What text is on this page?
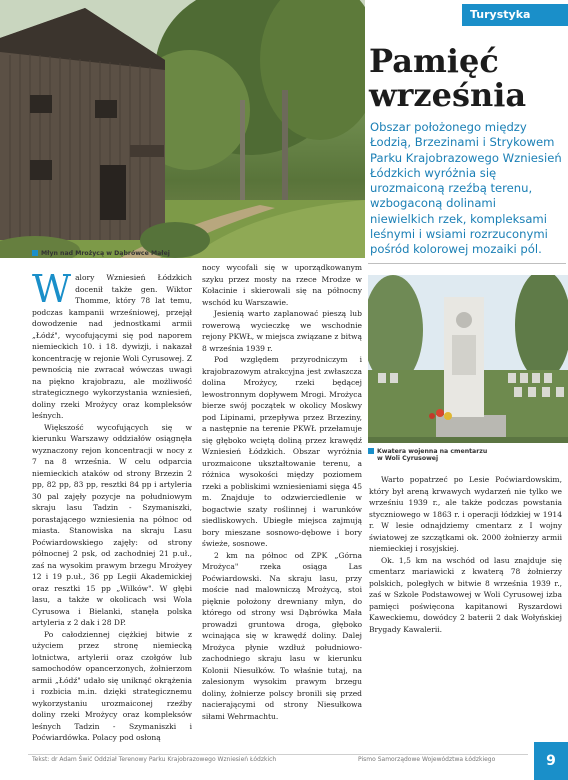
Młyn nad Mrożycą w Dąbrówce Małej
Turystyka
Pamięć
września

Obszar położonego między Łodzią, Brzezinami i Strykowem Parku Krajobrazowego Wzniesień Łódzkich wyróżnia się urozmaiconą rzeźbą terenu, wzbogaconą dolinami niewielkich rzek, kompleksami leśnymi i wsiami rozrzuconymi pośród kolorowej mozaiki pól.

Kwatera wojenna na cmentarzu
w Woli Cyrusowej

Walory Wzniesień Łódzkich docenił także gen. Wiktor Thomme, który 78 lat temu, podczas kampanii wrześniowej, przejął dowodzenie nad jednostkami armii „Łódź", wycofującymi się pod naporem niemieckich 10. i 18. dywizji, i nakazał koncentrację w rejonie Woli Cyrusowej. Z pewnością nie zwracał wówczas uwagi na piękno krajobrazu, ale możliwość strategicznego wykorzystania wzniesień, doliny rzeki Mrożycy oraz kompleksów leśnych.

Większość wycofujących się w kierunku Warszawy oddziałów osiągnęła wyznaczony rejon koncentracji w nocy z 7 na 8 września. W celu odparcia niemieckich ataków od strony Brzezin 2 pp, 82 pp, 83 pp, resztki 84 pp i artyleria 30 pal zajęły pozycje na południowym skraju lasu Tadzin - Szymaniszki, porastającego wzniesienia na północ od miasta. Stanowiska na skraju Lasu Poćwiardowskiego zajęły: od strony północnej 2 psk, od zachodniej 21 p.uł., zaś na wysokim prawym brzegu Mrożyey 12 i 19 p.uł., 36 pp Legii Akademickiej oraz resztki 15 pp „Wilków". W głębi lasu, a także w okolicach wsi Wola Cyrusowa i Bielanki, stanęła polska artyleria z 2 dak i 28 DP.

Po całodziennej ciężkiej bitwie z użyciem przez stronę niemiecką lotnictwa, artylerii oraz czołgów lub samochodów opancerzonych, żołnierzom armii „Łódź" udało się uniknąć okrążenia i rozbicia m.in. dzięki strategicznemu wykorzystaniu urozmaiconej rzeźby doliny rzeki Mrożycy oraz kompleksów leśnych Tadzin - Szymaniszki i Poćwiardówka. Polacy pod osłoną

nocy wycofali się w uporządkowanym szyku przez mosty na rzece Mrodze w Kołacinie i skierowali się na północny wschód ku Warszawie.

Jesienią warto zaplanować pieszą lub rowerową wycieczkę we wschodnie rejony PKWŁ, w miejsca związane z bitwą 8 września 1939 r.

Pod względem przyrodniczym i krajobrazowym atrakcyjna jest zwłaszcza dolina Mrożycy, rzeki będącej lewostronnym dopływem Mrogi. Mrożyca bierze swój początek w okolicy Moskwy pod Lipinami, przepływa przez Brzeziny, a następnie na terenie PKWŁ przełamuje się głęboko wciętą doliną przez krawędź Wzniesień Łódzkich. Obszar wyróżnia urozmaicone ukształtowanie terenu, a różnica wysokości między poziomem rzeki a pobliskimi wzniesieniami sięga 45 m. Znajduje to odzwierciedlenie w bogactwie szaty roślinnej i warunków siedliskowych. Ubiegłe miejsca zajmują bory mieszane sosnowo-dębowe i bory świeże, sosnowe.

2 km na północ od ZPK „Górna Mrożyca" rzeka osiąga Las Poćwiardowski. Na skraju lasu, przy moście nad malowniczą Mrożycą, stoi pięknie położony drewniany młyn, do którego od strony wsi Dąbrówka Mała prowadzi gruntowa droga, głęboko wcinająca się w krawędź doliny. Dalej Mrożyca płynie wzdłuż południowo-zachodniego skraju lasu w kierunku Kolonii Niesułków. To właśnie tutaj, na zalesionym wysokim prawym brzegu doliny, żołnierze polscy bronili się przed nacierającymi od strony Niesułkowa siłami Wehrmachtu.

Warto popatrzeć po Lesie Poćwiardowskim, który był areną krwawych wydarzeń nie tylko we wrześniu 1939 r., ale także podczas powstania styczniowego w 1863 r. i operacji łódzkiej w 1914 r. W lesie odnajdziemy cmentarz z I wojny światowej ze szczątkami ok. 2000 żołnierzy armii niemieckiej i rosyjskiej.

Ok. 1,5 km na wschód od lasu znajduje się cmentarz mariawicki z kwaterą 78 żołnierzy polskich, poległych w bitwie 8 września 1939 r., zaś w Szkole Podstawowej w Woli Cyrusowej izba pamięci poświęcona kapitanowi Ryszardowi Kaweckiemu, dowódcy 2 baterii 2 dak Wołyńskiej Brygady Kawalerii.

Tekst: dr Adam Świć Oddział Terenowy Parku Krajobrazowego Wzniesień Łódzkich	Pismo Samorządowe Województwa Łódzkiego	9
